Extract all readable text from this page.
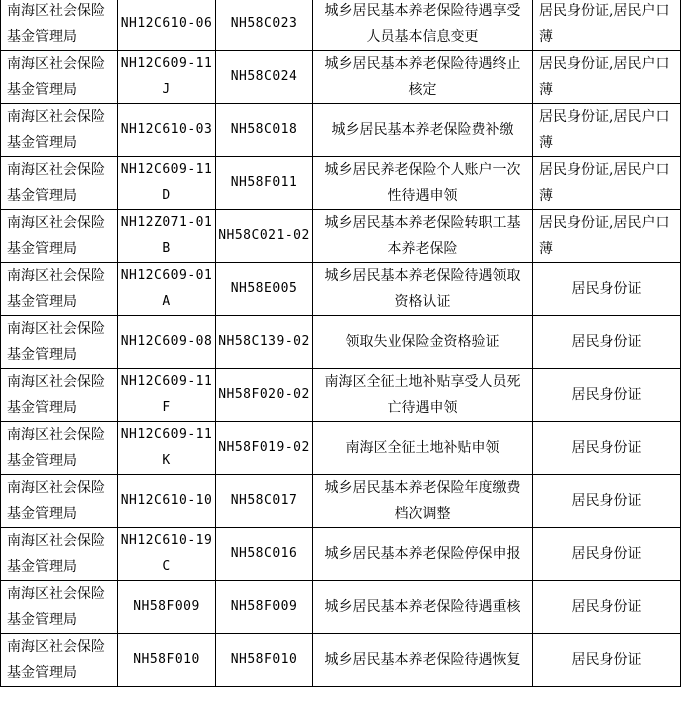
南海区社会保险基金管理局	NH12C610-06	NH58C023	城乡居民基本养老保险待遇享受人员基本信息变更	居民身份证,居民户口薄
南海区社会保险基金管理局	NH12C609-11J	NH58C024	城乡居民基本养老保险待遇终止核定	居民身份证,居民户口薄
南海区社会保险基金管理局	NH12C610-03	NH58C018	城乡居民基本养老保险费补缴	居民身份证,居民户口薄
南海区社会保险基金管理局	NH12C609-11D	NH58F011	城乡居民养老保险个人账户一次性待遇申领	居民身份证,居民户口薄
南海区社会保险基金管理局	NH12Z071-01B	NH58C021-02	城乡居民基本养老保险转职工基本养老保险	居民身份证,居民户口薄
南海区社会保险基金管理局	NH12C609-01A	NH58E005	城乡居民基本养老保险待遇领取资格认证	居民身份证
南海区社会保险基金管理局	NH12C609-08	NH58C139-02	领取失业保险金资格验证	居民身份证
南海区社会保险基金管理局	NH12C609-11F	NH58F020-02	南海区全征土地补贴享受人员死亡待遇申领	居民身份证
南海区社会保险基金管理局	NH12C609-11K	NH58F019-02	南海区全征土地补贴申领	居民身份证
南海区社会保险基金管理局	NH12C610-10	NH58C017	城乡居民基本养老保险年度缴费档次调整	居民身份证
南海区社会保险基金管理局	NH12C610-19C	NH58C016	城乡居民基本养老保险停保申报	居民身份证
南海区社会保险基金管理局	NH58F009	NH58F009	城乡居民基本养老保险待遇重核	居民身份证
南海区社会保险基金管理局	NH58F010	NH58F010	城乡居民基本养老保险待遇恢复	居民身份证
